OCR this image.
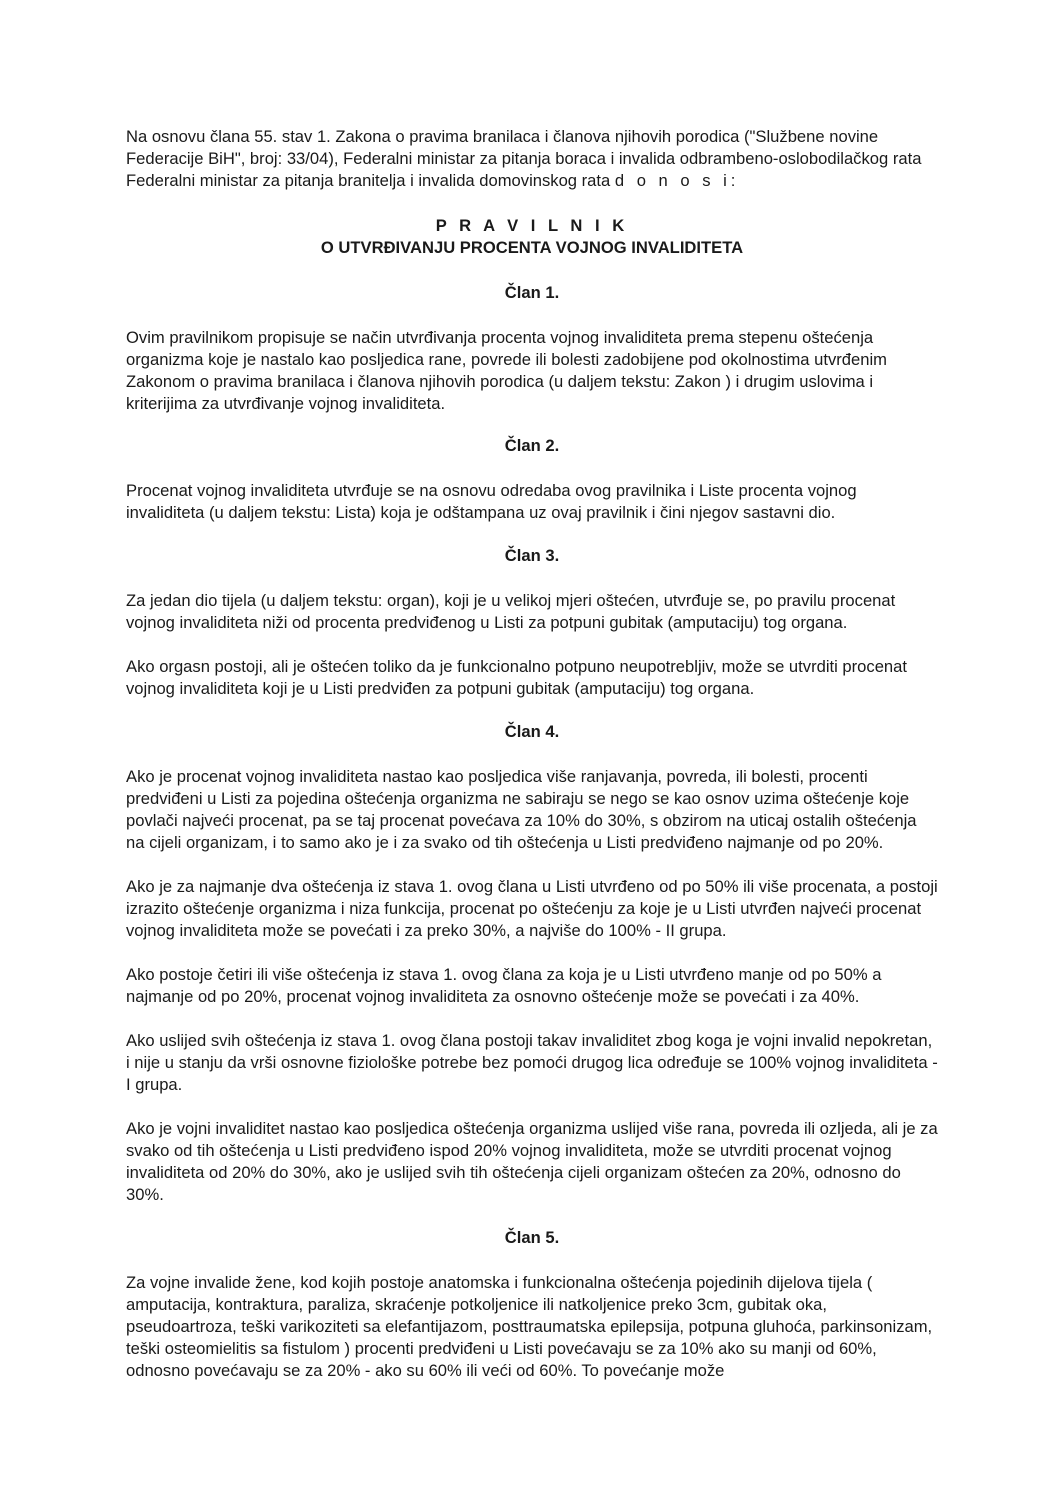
Na osnovu člana 55. stav 1. Zakona o pravima branilaca i članova njihovih porodica ("Službene novine Federacije BiH", broj: 33/04), Federalni ministar za pitanja boraca i invalida odbrambeno-oslobodilačkog rata Federalni ministar za pitanja branitelja i invalida domovinskog rata d o n o s i:

P R A V I L N I K
O UTVRĐIVANJU PROCENTA VOJNOG INVALIDITETA

Član 1.

Ovim pravilnikom propisuje se način utvrđivanja procenta vojnog invaliditeta prema stepenu oštećenja organizma koje je nastalo kao posljedica rane, povrede ili bolesti zadobijene pod okolnostima utvrđenim Zakonom o pravima branilaca i članova njihovih porodica (u daljem tekstu: Zakon ) i drugim uslovima i kriterijima za utvrđivanje vojnog invaliditeta.

Član 2.

Procenat vojnog invaliditeta utvrđuje se na osnovu odredaba ovog pravilnika i Liste procenta vojnog invaliditeta (u daljem tekstu: Lista) koja je odštampana uz ovaj pravilnik i čini njegov sastavni dio.

Član 3.

Za jedan dio tijela (u daljem tekstu: organ), koji je u velikoj mjeri oštećen, utvrđuje se, po pravilu procenat vojnog invaliditeta niži od procenta predviđenog u Listi za potpuni gubitak (amputaciju) tog organa.

Ako orgasn postoji, ali je oštećen toliko da je funkcionalno potpuno neupotrebljiv, može se utvrditi procenat vojnog invaliditeta koji je u Listi predviđen za potpuni gubitak (amputaciju) tog organa.

Član 4.

Ako je procenat vojnog invaliditeta nastao kao posljedica više ranjavanja, povreda, ili bolesti, procenti predviđeni u Listi za pojedina oštećenja organizma ne sabiraju se nego se kao osnov uzima oštećenje koje povlači najveći procenat, pa se taj procenat povećava za 10% do 30%, s obzirom na uticaj ostalih oštećenja na cijeli organizam, i to samo ako je i za svako od tih oštećenja u Listi predviđeno najmanje od po 20%.

Ako je za najmanje dva oštećenja iz stava 1. ovog člana u Listi utvrđeno od po 50% ili više procenata, a postoji izrazito oštećenje organizma i niza funkcija, procenat po oštećenju za koje je u Listi utvrđen najveći procenat vojnog invaliditeta može se povećati i za preko 30%, a najviše do 100% - II grupa.

Ako postoje četiri ili više oštećenja iz stava 1. ovog člana za koja je u Listi utvrđeno manje od po 50% a najmanje od po 20%, procenat vojnog invaliditeta za osnovno oštećenje može se povećati i za 40%.

Ako uslijed svih oštećenja iz stava 1. ovog člana postoji takav invaliditet zbog koga je vojni invalid nepokretan, i nije u stanju da vrši osnovne fiziološke potrebe bez pomoći drugog lica određuje se 100% vojnog invaliditeta - I grupa.

Ako je vojni invaliditet nastao kao posljedica oštećenja organizma uslijed više rana, povreda ili ozljeda, ali je za svako od tih oštećenja u Listi predviđeno ispod 20% vojnog invaliditeta, može se utvrditi procenat vojnog invaliditeta od 20% do 30%, ako je uslijed svih tih oštećenja cijeli organizam oštećen za 20%, odnosno do 30%.

Član 5.

Za vojne invalide žene, kod kojih postoje anatomska i funkcionalna oštećenja pojedinih dijelova tijela ( amputacija, kontraktura, paraliza, skraćenje potkoljenice ili natkoljenice preko 3cm, gubitak oka, pseudoartroza, teški varikoziteti sa elefantijazom, posttraumatska epilepsija, potpuna gluhoća, parkinsonizam, teški osteomielitis sa fistulom ) procenti predviđeni u Listi povećavaju se za 10% ako su manji od 60%, odnosno povećavaju se za 20% - ako su 60% ili veći od 60%. To povećanje može
